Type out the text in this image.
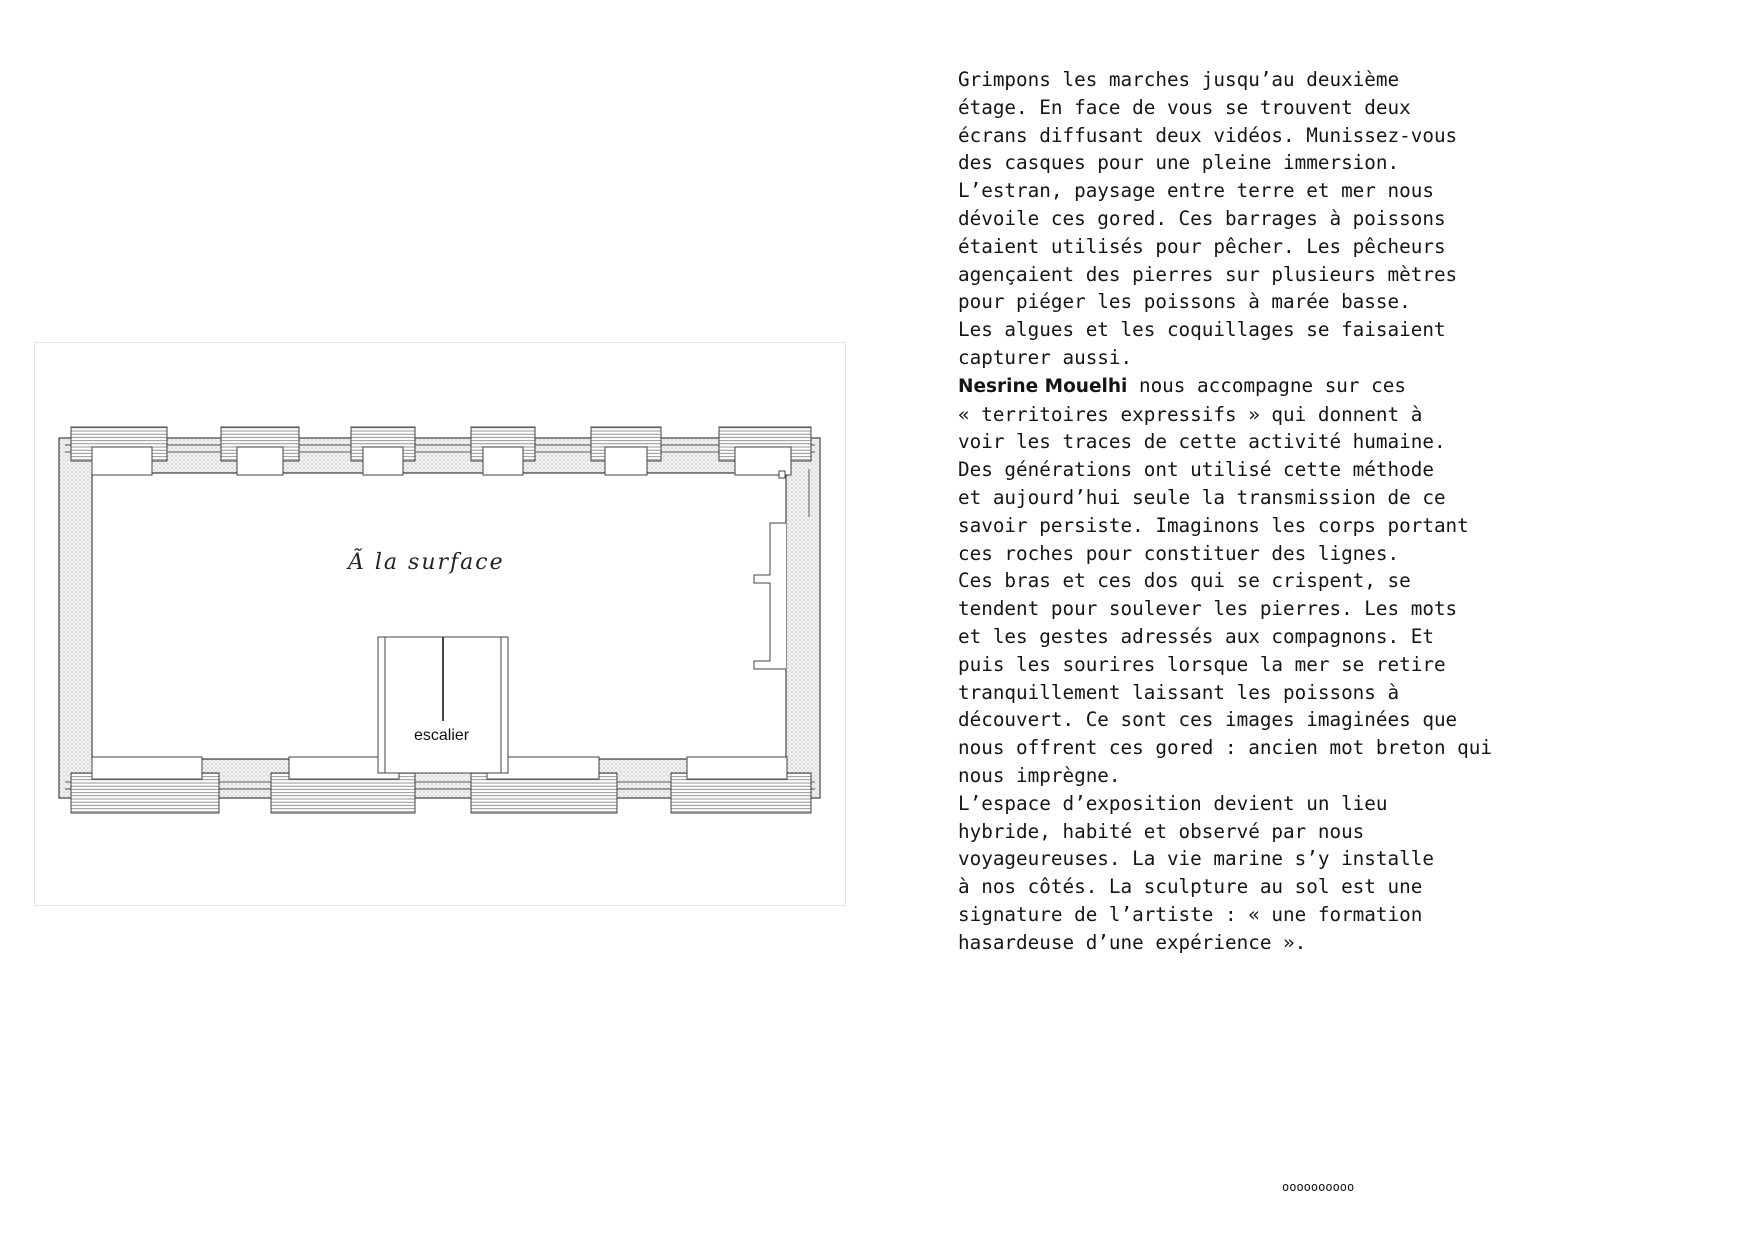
Ã la surface
escalier
Grimpons les marches jusqu’au deuxième
étage. En face de vous se trouvent deux
écrans diffusant deux vidéos. Munissez-vous
des casques pour une pleine immersion.
L’estran, paysage entre terre et mer nous
dévoile ces gored. Ces barrages à poissons
étaient utilisés pour pêcher. Les pêcheurs
agençaient des pierres sur plusieurs mètres
pour piéger les poissons à marée basse.
Les algues et les coquillages se faisaient
capturer aussi.
Nesrine Mouelhi nous accompagne sur ces
« territoires expressifs » qui donnent à
voir les traces de cette activité humaine.
Des générations ont utilisé cette méthode
et aujourd’hui seule la transmission de ce
savoir persiste. Imaginons les corps portant
ces roches pour constituer des lignes.
Ces bras et ces dos qui se crispent, se
tendent pour soulever les pierres. Les mots
et les gestes adressés aux compagnons. Et
puis les sourires lorsque la mer se retire
tranquillement laissant les poissons à
découvert. Ce sont ces images imaginées que
nous offrent ces gored : ancien mot breton qui
nous imprègne.
L’espace d’exposition devient un lieu
hybride, habité et observé par nous
voyageureuses. La vie marine s’y installe
à nos côtés. La sculpture au sol est une
signature de l’artiste : « une formation
hasardeuse d’une expérience ».
oooooooooo
